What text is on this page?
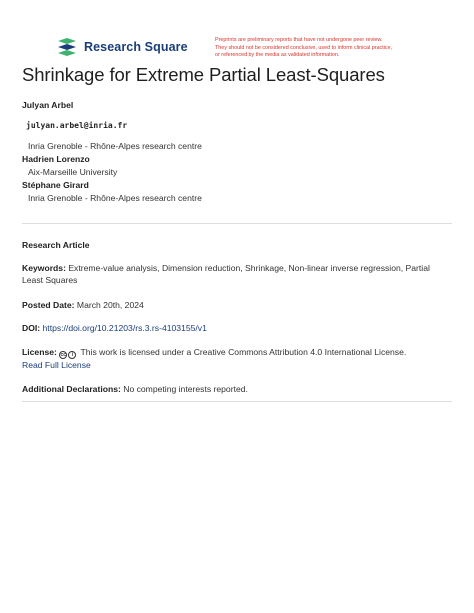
Research Square	Preprints are preliminary reports that have not undergone peer review.
They should not be considered conclusive, used to inform clinical practice,
or referenced by the media as validated information.
Shrinkage for Extreme Partial Least-Squares
Julyan Arbel
julyan.arbel@inria.fr
Inria Grenoble - Rhône-Alpes research centre
Hadrien Lorenzo
Aix-Marseille University
Stéphane Girard
Inria Grenoble - Rhône-Alpes research centre
Research Article
Keywords: Extreme-value analysis, Dimension reduction, Shrinkage, Non-linear inverse regression, Partial Least Squares
Posted Date: March 20th, 2024
DOI: https://doi.org/10.21203/rs.3.rs-4103155/v1
License: cc	i This work is licensed under a Creative Commons Attribution 4.0 International License.
Read Full License
Additional Declarations: No competing interests reported.
